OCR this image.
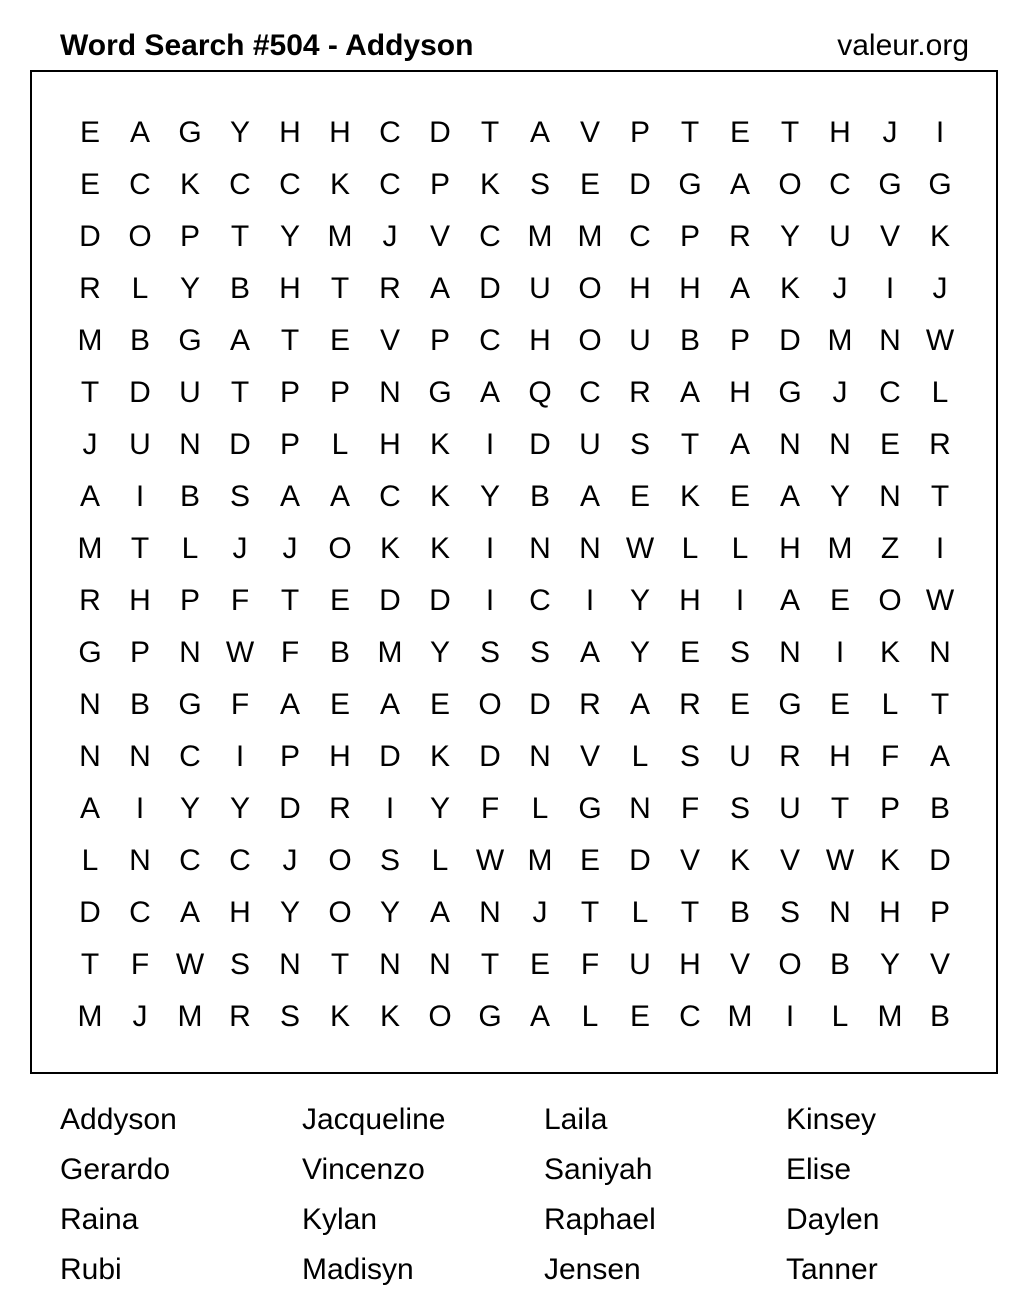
Word Search #504 - Addyson	valeur.org
E A G Y H H C D	T	A V P	T	E	T	H	J	I
E C K C C K C P K S E D G A O C G G
D O P	T	Y M	J	V C M M C P R Y U V K
R	L	Y B H	T	R A D U O H H A K	J	I	J
M B G A	T	E V P C H O U B P D M N W
T	D U	T	P P N G A Q C R A H G	J	C	L
J	U N D P	L	H K	I	D U S	T	A N N E R
A	I	B S A A C K Y B A E K E A Y N	T
M T	L	J	J	O K K	I	N N W L	L	H M Z	I
R H P	F	T	E D D	I	C	I	Y H	I	A E O W
G P N W F	B M Y S S A Y E S N	I	K N
N B G F	A E A E O D R A R E G E	L	T
N N C	I	P H D K D N V	L	S U R H	F	A
A	I	Y Y D R	I	Y	F	L G N	F	S U	T	P B
L	N C C	J	O S	L W M E D V K V W K D
D C A H Y O Y A N	J	T	L	T	B S N H P
T	F W S N	T	N N	T	E	F	U H V O B Y V
M	J	M R S K K O G A	L	E C M	I	L M B
Addyson	Jacqueline	Laila	Kinsey
Gerardo	Vincenzo	Saniyah	Elise
Raina	Kylan	Raphael	Daylen
Rubi	Madisyn	Jensen	Tanner
